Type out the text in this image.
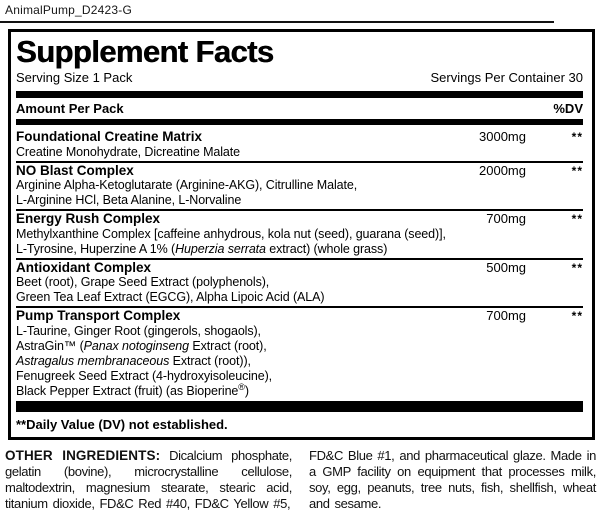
AnimalPump_D2423-G
Supplement Facts
Serving Size 1 Pack	Servings Per Container 30
Amount Per Pack	%DV
Foundational Creatine Matrix	3000mg	**
Creatine Monohydrate, Dicreatine Malate
NO Blast Complex	2000mg	**
Arginine Alpha-Ketoglutarate (Arginine-AKG), Citrulline Malate,
L-Arginine HCl, Beta Alanine, L-Norvaline
Energy Rush Complex	700mg	**
Methylxanthine Complex [caffeine anhydrous, kola nut (seed), guarana (seed)],
L-Tyrosine, Huperzine A 1% (Huperzia serrata extract) (whole grass)
Antioxidant Complex	500mg	**
Beet (root), Grape Seed Extract (polyphenols),
Green Tea Leaf Extract (EGCG), Alpha Lipoic Acid (ALA)
Pump Transport Complex	700mg	**
L-Taurine, Ginger Root (gingerols, shogaols),
AstraGin™ (Panax notoginseng Extract (root),
Astragalus membranaceous Extract (root)),
Fenugreek Seed Extract (4-hydroxyisoleucine),
Black Pepper Extract (fruit) (as Bioperine®)
**Daily Value (DV) not established.
OTHER INGREDIENTS: Dicalcium phosphate, gelatin (bovine), microcrystalline cellulose, maltodextrin, magnesium stearate, stearic acid, titanium dioxide, FD&C Red #40, FD&C Yellow #5,
FD&C Blue #1, and pharmaceutical glaze. Made in a GMP facility on equipment that processes milk, soy, egg, peanuts, tree nuts, fish, shellfish, wheat and sesame.
